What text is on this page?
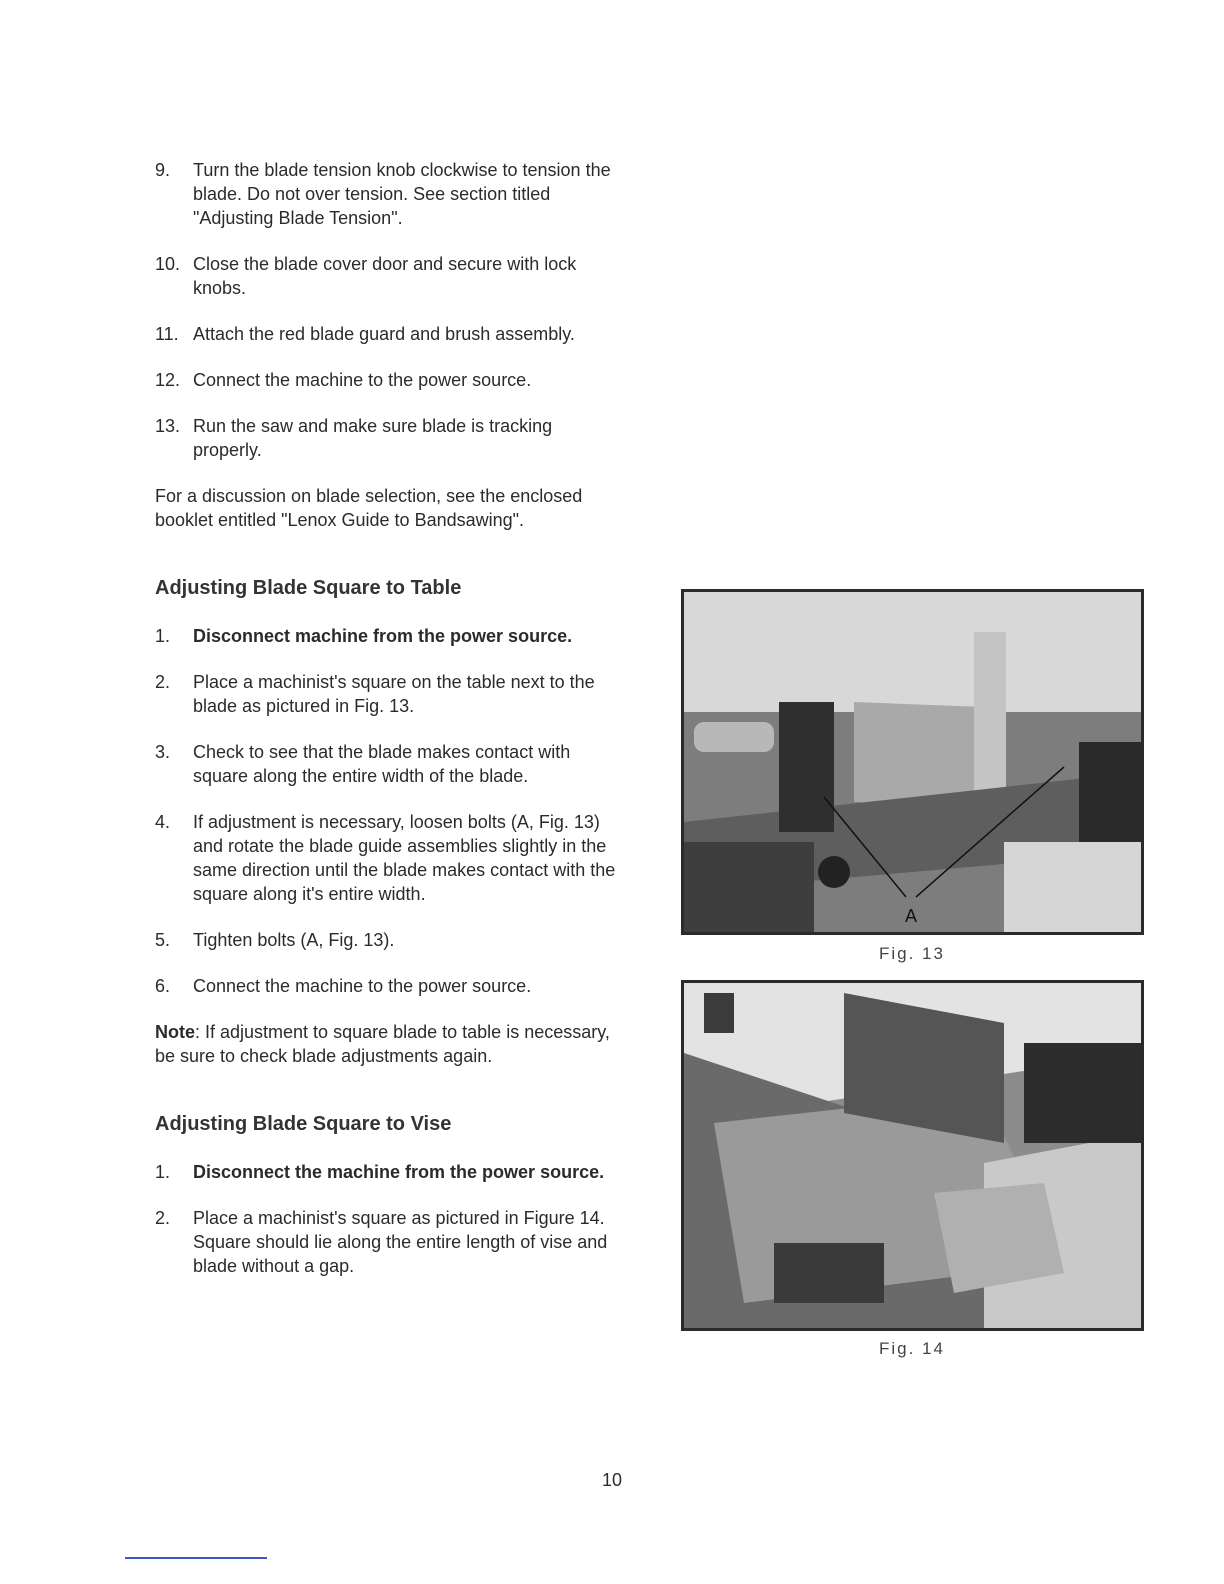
9.	Turn the blade tension knob clockwise to tension the blade. Do not over tension. See section titled "Adjusting Blade Tension".
10. Close the blade cover door and secure with lock knobs.
11. Attach the red blade guard and brush assembly.
12. Connect the machine to the power source.
13. Run the saw and make sure blade is tracking properly.

For a discussion on blade selection, see the enclosed booklet entitled "Lenox Guide to Bandsawing".

Adjusting Blade Square to Table
1.	Disconnect machine from the power source.
2.	Place a machinist's square on the table next to the blade as pictured in Fig. 13.
3.	Check to see that the blade makes contact with square along the entire width of the blade.
4.	If adjustment is necessary, loosen bolts (A, Fig. 13) and rotate the blade guide assemblies slightly in the same direction until the blade makes contact with the square along it's entire width.
5.	Tighten bolts (A, Fig. 13).
6.	Connect the machine to the power source.

Note: If adjustment to square blade to table is necessary, be sure to check blade adjustments again.

Adjusting Blade Square to Vise
1.	Disconnect the machine from the power source.
2.	Place a machinist's square as pictured in Figure 14. Square should lie along the entire length of vise and blade without a gap.
A
Fig. 13
Fig. 14
10
